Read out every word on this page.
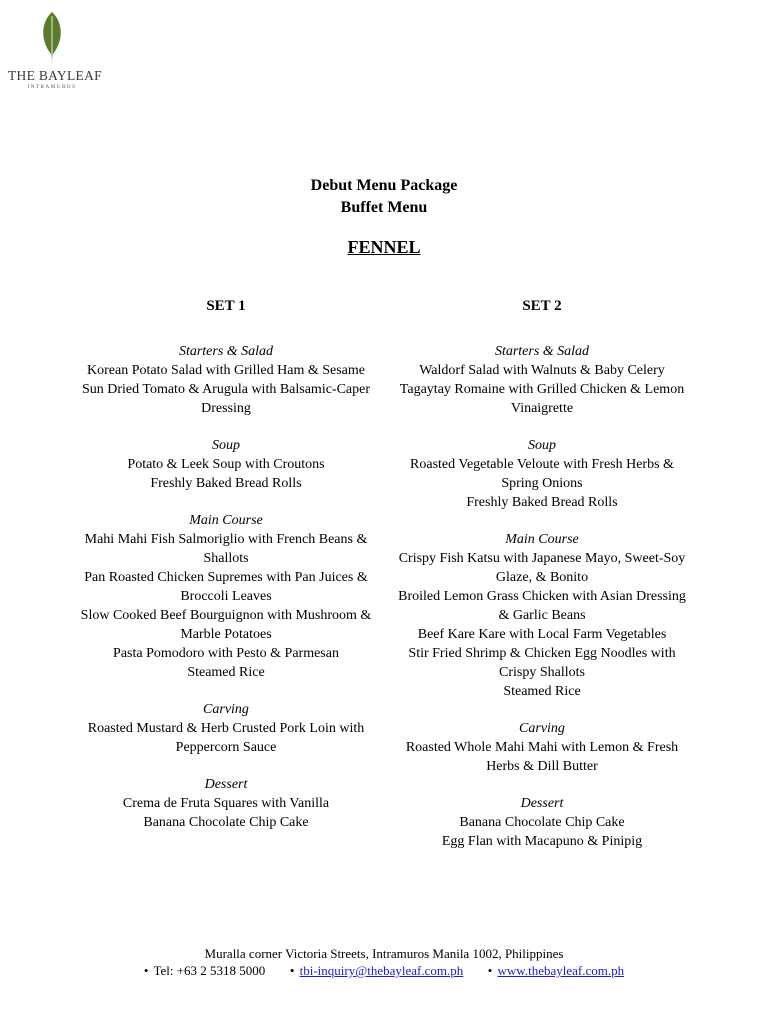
THE BAYLEAF
INTRAMUROS
Debut Menu Package
Buffet Menu
FENNEL
SET 1
Starters & Salad
Korean Potato Salad with Grilled Ham & Sesame
Sun Dried Tomato & Arugula with Balsamic-Caper Dressing
Soup
Potato & Leek Soup with Croutons
Freshly Baked Bread Rolls
Main Course
Mahi Mahi Fish Salmoriglio with French Beans & Shallots
Pan Roasted Chicken Supremes with Pan Juices & Broccoli Leaves
Slow Cooked Beef Bourguignon with Mushroom & Marble Potatoes
Pasta Pomodoro with Pesto & Parmesan
Steamed Rice
Carving
Roasted Mustard & Herb Crusted Pork Loin with Peppercorn Sauce
Dessert
Crema de Fruta Squares with Vanilla
Banana Chocolate Chip Cake
SET 2
Starters & Salad
Waldorf Salad with Walnuts & Baby Celery
Tagaytay Romaine with Grilled Chicken & Lemon Vinaigrette
Soup
Roasted Vegetable Veloute with Fresh Herbs & Spring Onions
Freshly Baked Bread Rolls
Main Course
Crispy Fish Katsu with Japanese Mayo, Sweet-Soy Glaze, & Bonito
Broiled Lemon Grass Chicken with Asian Dressing & Garlic Beans
Beef Kare Kare with Local Farm Vegetables
Stir Fried Shrimp & Chicken Egg Noodles with Crispy Shallots
Steamed Rice
Carving
Roasted Whole Mahi Mahi with Lemon & Fresh Herbs & Dill Butter
Dessert
Banana Chocolate Chip Cake
Egg Flan with Macapuno & Pinipig
Muralla corner Victoria Streets, Intramuros Manila 1002, Philippines
• Tel: +63 2 5318 5000 • tbi-inquiry@thebayleaf.com.ph • www.thebayleaf.com.ph
